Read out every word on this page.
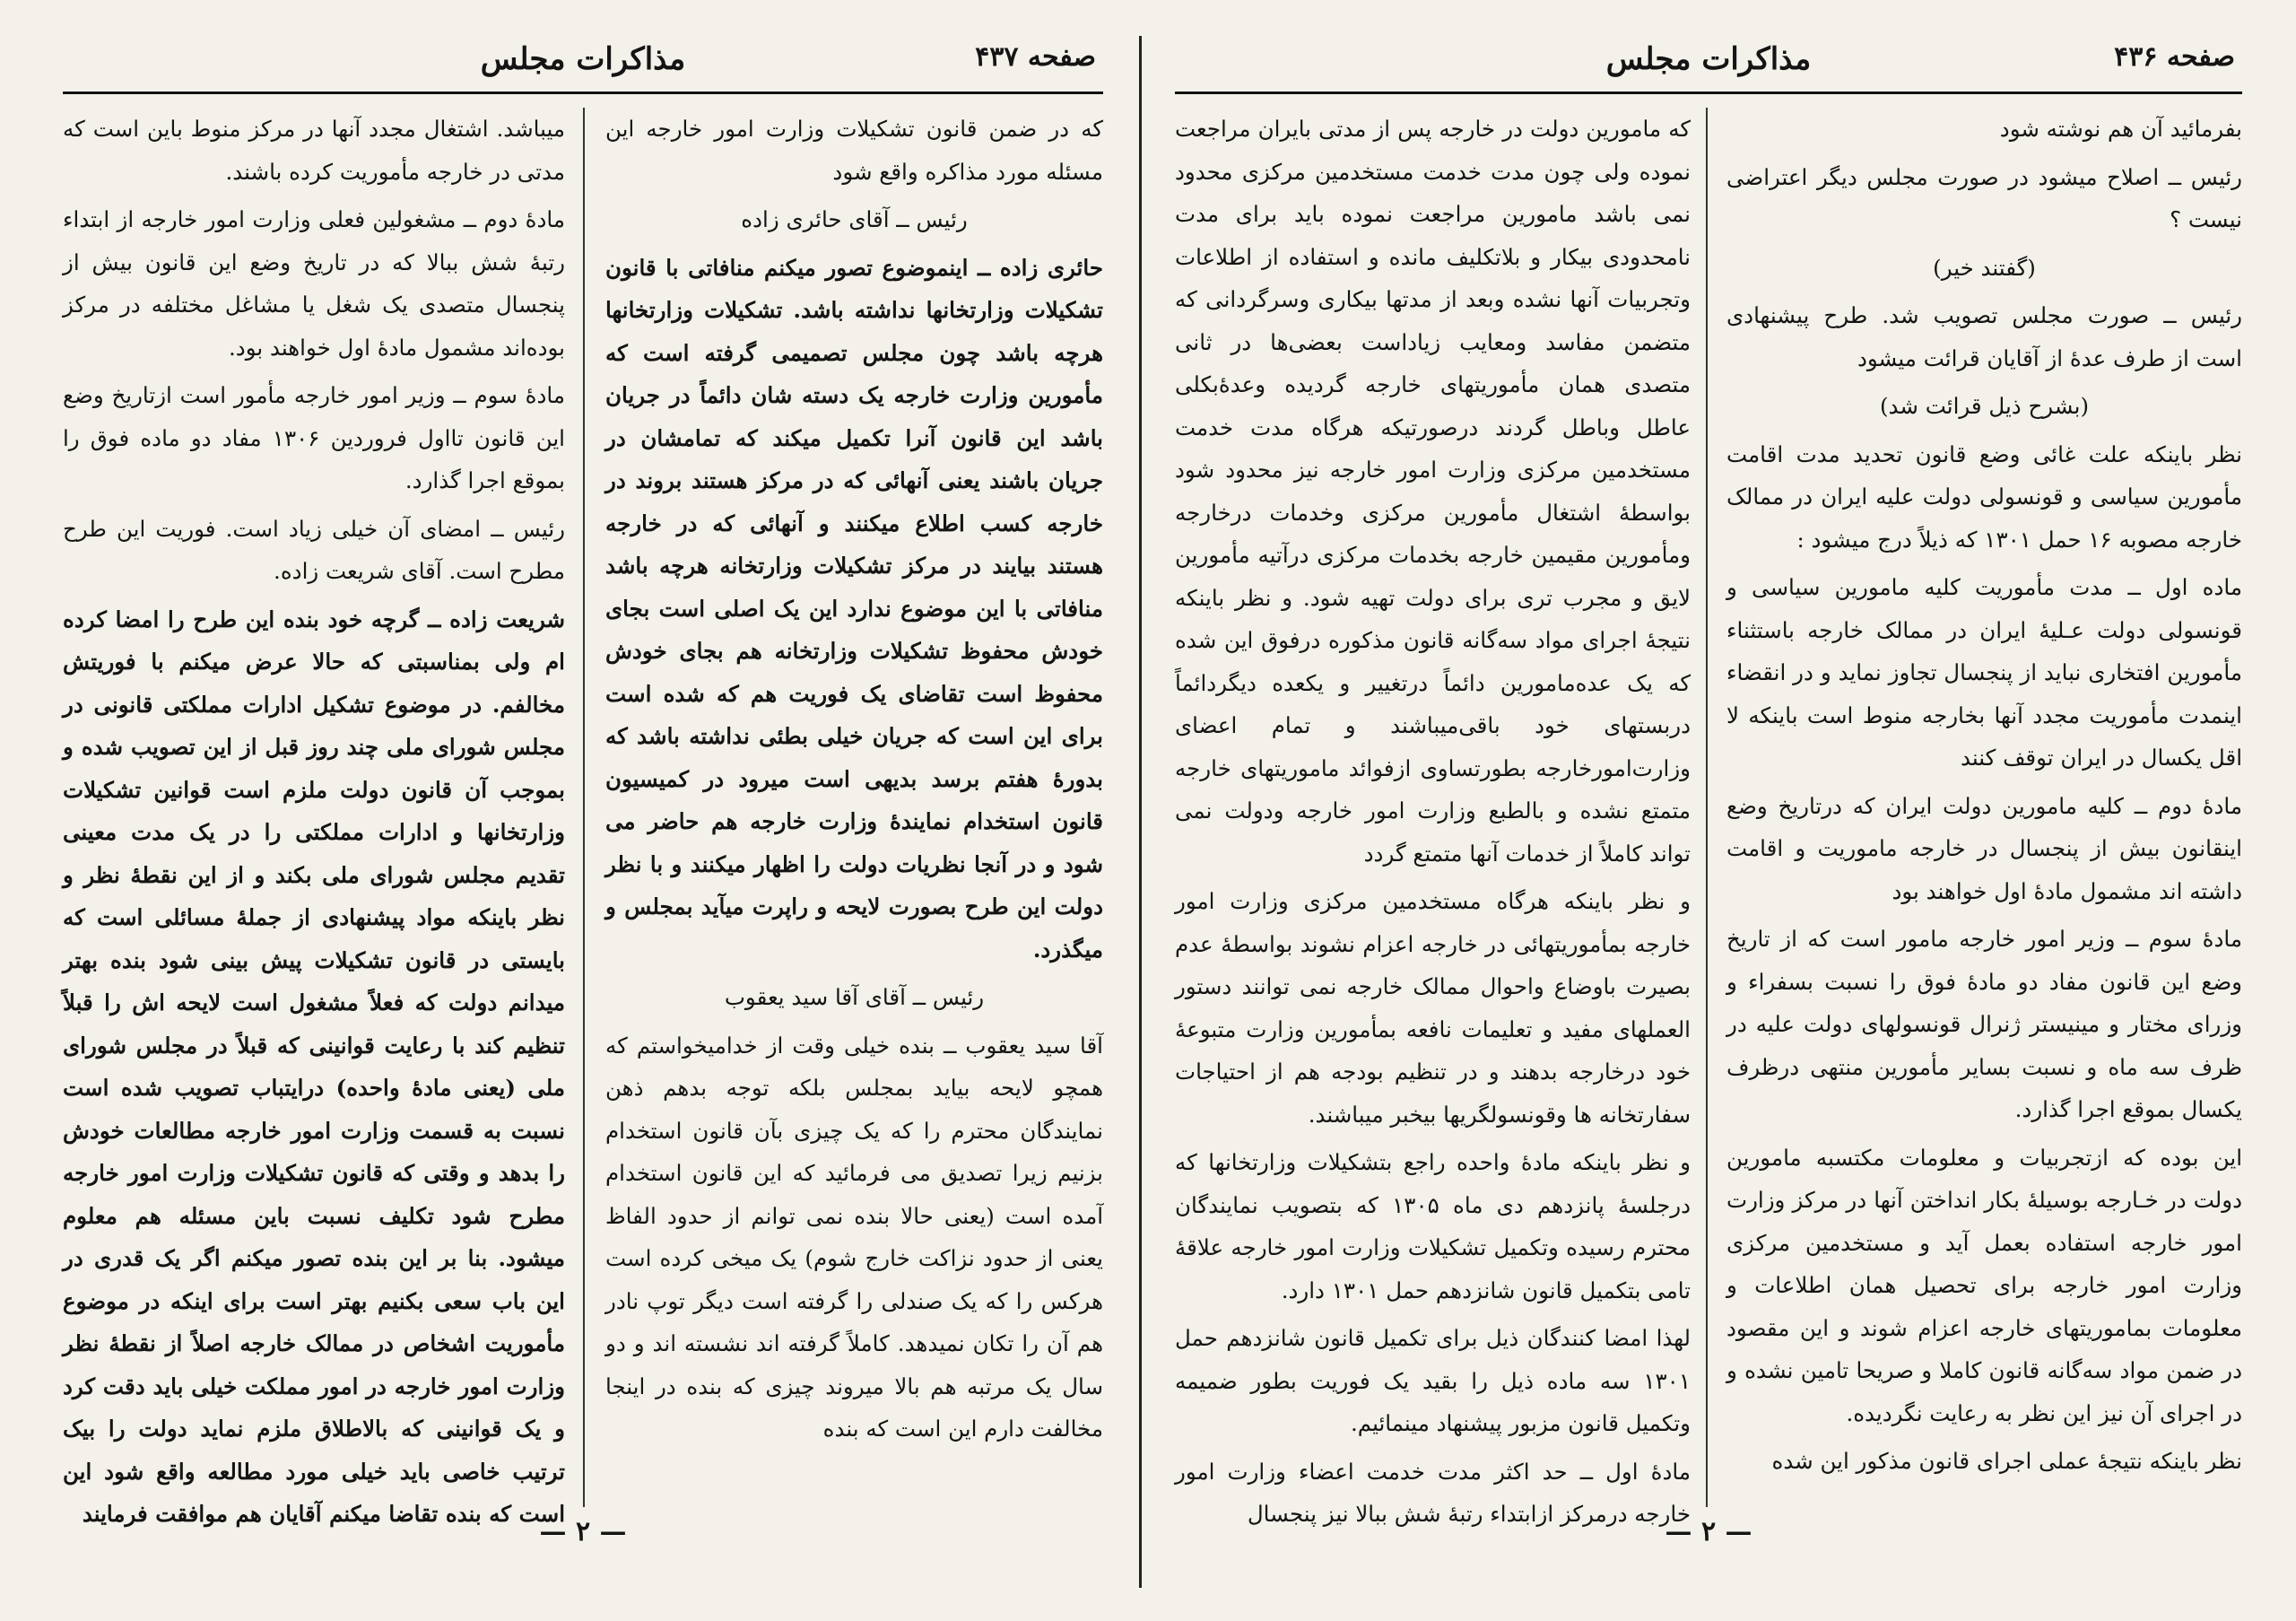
صفحه ۴۳۷
مذاکرات مجلس

که در ضمن قانون تشکیلات وزارت امور خارجه این مسئله مورد مذاکره واقع شود

رئیس ــ آقای حائری زاده

حائری زاده ــ اینموضوع تصور میکنم منافاتی با قانون تشکیلات وزارتخانها نداشته باشد. تشکیلات وزارتخانها هرچه باشد چون مجلس تصمیمی گرفته است که مأمورین وزارت خارجه یک دسته شان دائماً در جریان باشد این قانون آنرا تکمیل میکند که تمامشان در جریان باشند یعنی آنهائی که در مرکز هستند بروند در خارجه کسب اطلاع میکنند و آنهائی که در خارجه هستند بیایند در مرکز تشکیلات وزارتخانه هرچه باشد منافاتی با این موضوع ندارد این یک اصلی است بجای خودش محفوظ تشکیلات وزارتخانه هم بجای خودش محفوظ است تقاضای یک فوریت هم که شده است برای این است که جریان خیلی بطئی نداشته باشد که بدورهٔ هفتم برسد بدیهی است میرود در کمیسیون قانون استخدام نمایندهٔ وزارت خارجه هم حاضر می شود و در آنجا نظریات دولت را اظهار میکنند و با نظر دولت این طرح بصورت لایحه و راپرت میآید بمجلس و میگذرد.

رئیس ــ آقای آقا سید یعقوب

آقا سید یعقوب ــ بنده خیلی وقت از خدامیخواستم که همچو لایحه بیاید بمجلس بلکه توجه بدهم ذهن نمایندگان محترم را که یک چیزی بآن قانون استخدام بزنیم زیرا تصدیق می فرمائید که این قانون استخدام آمده است (یعنی حالا بنده نمی توانم از حدود الفاظ یعنی از حدود نزاکت خارج شوم) یک میخی کرده است هرکس را که یک صندلی را گرفته است دیگر توپ نادر هم آن را تکان نمیدهد. کاملاً گرفته اند نشسته اند و دو سال یک مرتبه هم بالا میروند چیزی که بنده در اینجا مخالفت دارم این است که بنده

میباشد. اشتغال مجدد آنها در مرکز منوط باین است که مدتی در خارجه مأموریت کرده باشند.

مادهٔ دوم ــ مشغولین فعلی وزارت امور خارجه از ابتداء رتبهٔ شش ببالا که در تاریخ وضع این قانون بیش از پنجسال متصدی یک شغل یا مشاغل مختلفه در مرکز بوده‌اند مشمول مادهٔ اول خواهند بود.

مادهٔ سوم ــ وزیر امور خارجه مأمور است ازتاریخ وضع این قانون تااول فروردین ۱۳۰۶ مفاد دو ماده فوق را بموقع اجرا گذارد.

رئیس ــ امضای آن خیلی زیاد است. فوریت این طرح مطرح است. آقای شریعت زاده.

شریعت زاده ــ گرچه خود بنده این طرح را امضا کرده ام ولی بمناسبتی که حالا عرض میکنم با فوریتش مخالفم. در موضوع تشکیل ادارات مملکتی قانونی در مجلس شورای ملی چند روز قبل از این تصویب شده و بموجب آن قانون دولت ملزم است قوانین تشکیلات وزارتخانها و ادارات مملکتی را در یک مدت معینی تقدیم مجلس شورای ملی بکند و از این نقطهٔ نظر و نظر باینکه مواد پیشنهادی از جملهٔ مسائلی است که بایستی در قانون تشکیلات پیش بینی شود بنده بهتر میدانم دولت که فعلاً مشغول است لایحه اش را قبلاً تنظیم کند با رعایت قوانینی که قبلاً در مجلس شورای ملی (یعنی مادهٔ واحده) درایتباب تصویب شده است نسبت به قسمت وزارت امور خارجه مطالعات خودش را بدهد و وقتی که قانون تشکیلات وزارت امور خارجه مطرح شود تکلیف نسبت باین مسئله هم معلوم میشود. بنا بر این بنده تصور میکنم اگر یک قدری در این باب سعی بکنیم بهتر است برای اینکه در موضوع مأموریت اشخاص در ممالک خارجه اصلاً از نقطهٔ نظر وزارت امور خارجه در امور مملکت خیلی باید دقت کرد و یک قوانینی که بالاطلاق ملزم نماید دولت را بیک ترتیب خاصی باید خیلی مورد مطالعه واقع شود این است که بنده تقاضا میکنم آقایان هم موافقت فرمایند

— ۲ —
صفحه ۴۳۶
مذاکرات مجلس

بفرمائید آن هم نوشته شود

رئیس ــ اصلاح میشود در صورت مجلس دیگر اعتراضی نیست ؟

(گفتند خیر)

رئیس ــ صورت مجلس تصویب شد. طرح پیشنهادی است از طرف عدهٔ از آقایان قرائت میشود

(بشرح ذیل قرائت شد)

نظر باینکه علت غائی وضع قانون تحدید مدت اقامت مأمورین سیاسی و قونسولی دولت علیه ایران در ممالک خارجه مصوبه ۱۶ حمل ۱۳۰۱ که ذیلاً درج میشود :

ماده اول ــ مدت مأموریت کلیه مامورین سیاسی و قونسولی دولت عـلیهٔ ایران در ممالک خارجه باستثناء مأمورین افتخاری نباید از پنجسال تجاوز نماید و در انقضاء اینمدت مأموریت مجدد آنها بخارجه منوط است باینکه لا اقل یکسال در ایران توقف کنند

مادهٔ دوم ــ کلیه مامورین دولت ایران که درتاریخ وضع اینقانون بیش از پنجسال در خارجه ماموریت و اقامت داشته اند مشمول مادهٔ اول خواهند بود

مادهٔ سوم ــ وزیر امور خارجه مامور است که از تاریخ وضع این قانون مفاد دو مادهٔ فوق را نسبت بسفراء و وزرای مختار و مینیستر ژنرال قونسولهای دولت علیه در ظرف سه ماه و نسبت بسایر مأمورین منتهی درظرف یکسال بموقع اجرا گذارد.

این بوده که ازتجربیات و معلومات مکتسبه مامورین دولت در خـارجه بوسیلهٔ بکار انداختن آنها در مرکز وزارت امور خارجه استفاده بعمل آید و مستخدمین مرکزی وزارت امور خارجه برای تحصیل همان اطلاعات و معلومات بماموریتهای خارجه اعزام شوند و این مقصود در ضمن مواد سه‌گانه قانون کاملا و صریحا تامین نشده و در اجرای آن نیز این نظر به رعایت نگردیده.

نظر باینکه نتیجهٔ عملی اجرای قانون مذکور این شده

که مامورین دولت در خارجه پس از مدتی بایران مراجعت نموده ولی چون مدت خدمت مستخدمین مرکزی محدود نمی باشد مامورین مراجعت نموده باید برای مدت نامحدودی بیکار و بلاتکلیف مانده و استفاده از اطلاعات وتجربیات آنها نشده وبعد از مدتها بیکاری وسرگردانی که متضمن مفاسد ومعایب زیاداست بعضی‌ها در ثانی متصدی همان مأموریتهای خارجه گردیده وعدهٔ‌بکلی عاطل وباطل گردند درصورتیکه هرگاه مدت خدمت مستخدمین مرکزی وزارت امور خارجه نیز محدود شود بواسطهٔ اشتغال مأمورین مرکزی وخدمات درخارجه ومأمورین مقیمین خارجه بخدمات مرکزی درآتیه مأمورین لایق و مجرب تری برای دولت تهیه شود. و نظر باینکه نتیجهٔ اجرای مواد سه‌گانه قانون مذکوره درفوق این شده که یک عده‌مامورین دائماً درتغییر و یکعده دیگردائماً دربستهای خود باقی‌میباشند و تمام اعضای وزارت‌امورخارجه بطورتساوی ازفوائد ماموریتهای خارجه متمتع نشده و بالطبع وزارت امور خارجه ودولت نمی تواند کاملاً از خدمات آنها متمتع گردد

و نظر باینکه هرگاه مستخدمین مرکزی وزارت امور خارجه بمأموریتهائی در خارجه اعزام نشوند بواسطهٔ عدم بصیرت باوضاع واحوال ممالک خارجه نمی توانند دستور العملهای مفید و تعلیمات نافعه بمأمورین وزارت متبوعهٔ خود درخارجه بدهند و در تنظیم بودجه هم از احتیاجات سفارتخانه ها وقونسولگریها بیخبر میباشند.

و نظر باینکه مادهٔ واحده راجع بتشکیلات وزارتخانها که درجلسهٔ پانزدهم دی ماه ۱۳۰۵ که بتصویب نمایندگان محترم رسیده وتکمیل تشکیلات وزارت امور خارجه علاقهٔ تامی بتکمیل قانون شانزدهم حمل ۱۳۰۱ دارد.

لهذا امضا کنندگان ذیل برای تکمیل قانون شانزدهم حمل ۱۳۰۱ سه ماده ذیل را بقید یک فوریت بطور ضمیمه وتکمیل قانون مزبور پیشنهاد مینمائیم.

مادهٔ اول ــ حد اکثر مدت خدمت اعضاء وزارت امور خارجه درمرکز ازابتداء رتبهٔ شش ببالا نیز پنجسال

— ۲ —
